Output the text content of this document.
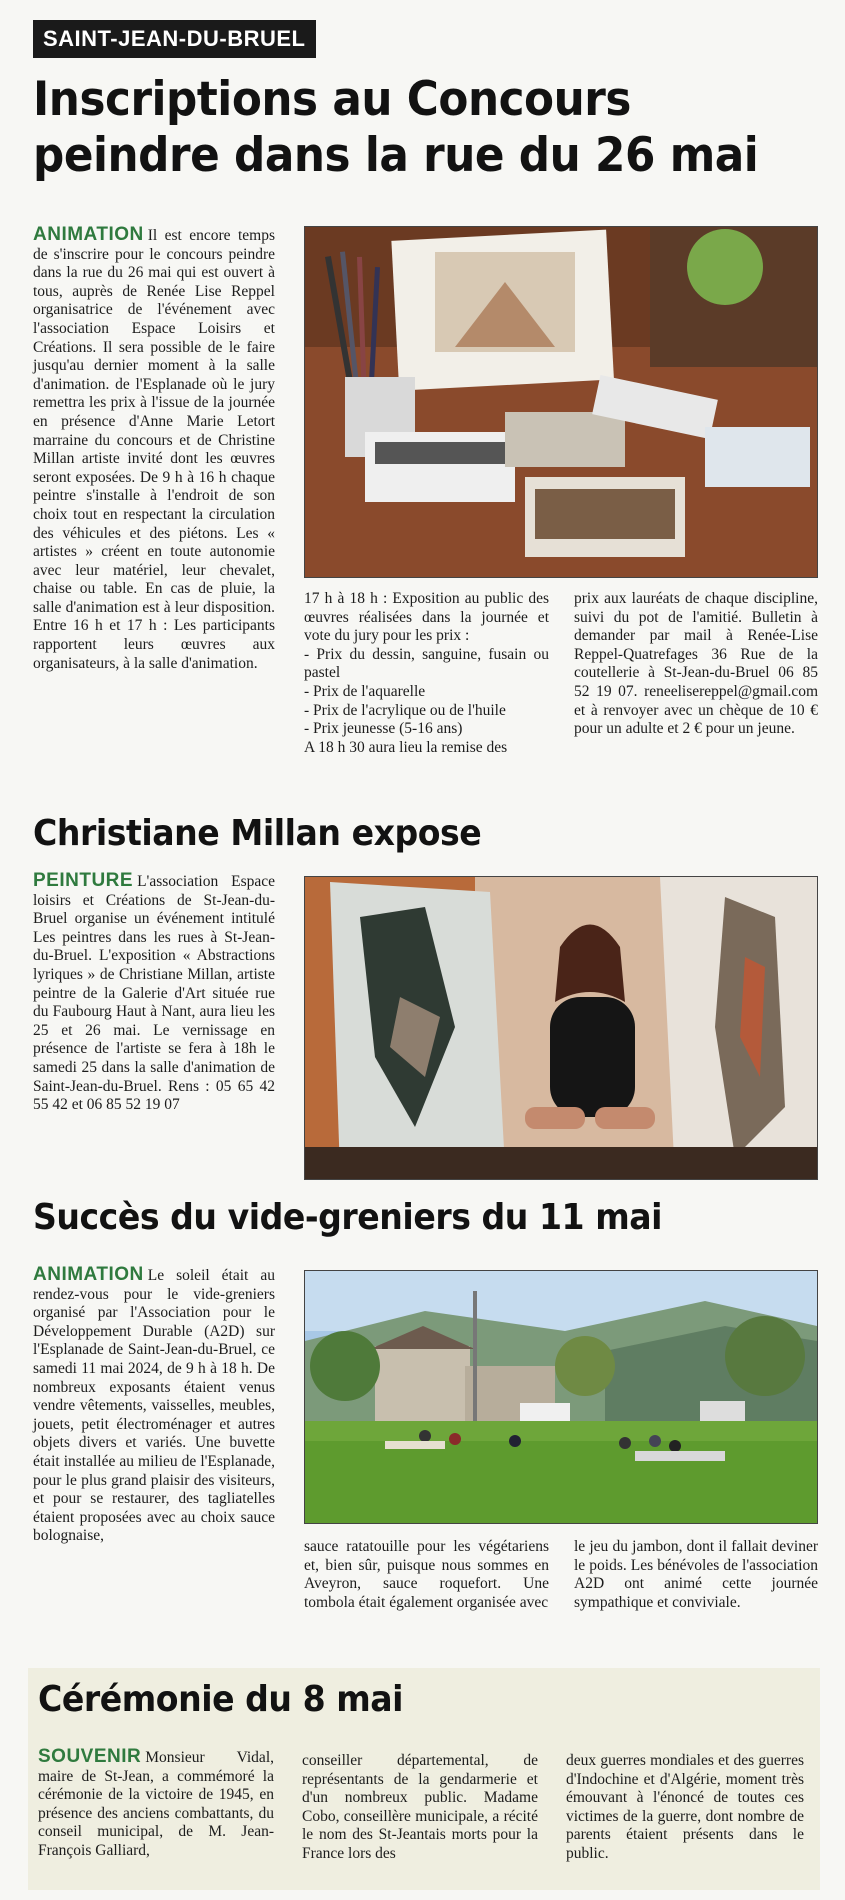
SAINT-JEAN-DU-BRUEL
Inscriptions au Concours
peindre dans la rue du 26 mai

ANIMATION Il est encore temps de s'inscrire pour le concours peindre dans la rue du 26 mai qui est ouvert à tous, auprès de Renée Lise Reppel organisatrice de l'événement avec l'association Espace Loisirs et Créations. Il sera possible de le faire jusqu'au dernier moment à la salle d'animation. de l'Esplanade où le jury remettra les prix à l'issue de la journée en présence d'Anne Marie Letort marraine du concours et de Christine Millan artiste invité dont les œuvres seront exposées. De 9 h à 16 h chaque peintre s'installe à l'endroit de son choix tout en respectant la circulation des véhicules et des piétons. Les « artistes » créent en toute autonomie avec leur matériel, leur chevalet, chaise ou table. En cas de pluie, la salle d'animation est à leur disposition. Entre 16 h et 17 h : Les participants rapportent leurs œuvres aux organisateurs, à la salle d'animation.

17 h à 18 h : Exposition au public des œuvres réalisées dans la journée et vote du jury pour les prix :
- Prix du dessin, sanguine, fusain ou pastel
- Prix de l'aquarelle
- Prix de l'acrylique ou de l'huile
- Prix jeunesse (5-16 ans)
A 18 h 30 aura lieu la remise des

prix aux lauréats de chaque discipline, suivi du pot de l'amitié. Bulletin à demander par mail à Renée-Lise Reppel-Quatrefages 36 Rue de la coutellerie à St-Jean-du-Bruel 06 85 52 19 07. reneelisereppel@gmail.com et à renvoyer avec un chèque de 10 € pour un adulte et 2 € pour un jeune.

Christiane Millan expose

PEINTURE L'association Espace loisirs et Créations de St-Jean-du-Bruel organise un événement intitulé Les peintres dans les rues à St-Jean-du-Bruel. L'exposition « Abstractions lyriques » de Christiane Millan, artiste peintre de la Galerie d'Art située rue du Faubourg Haut à Nant, aura lieu les 25 et 26 mai. Le vernissage en présence de l'artiste se fera à 18h le samedi 25 dans la salle d'animation de Saint-Jean-du-Bruel. Rens : 05 65 42 55 42 et 06 85 52 19 07

Succès du vide-greniers du 11 mai

ANIMATION Le soleil était au rendez-vous pour le vide-greniers organisé par l'Association pour le Développement Durable (A2D) sur l'Esplanade de Saint-Jean-du-Bruel, ce samedi 11 mai 2024, de 9 h à 18 h. De nombreux exposants étaient venus vendre vêtements, vaisselles, meubles, jouets, petit électroménager et autres objets divers et variés. Une buvette était installée au milieu de l'Esplanade, pour le plus grand plaisir des visiteurs, et pour se restaurer, des tagliatelles étaient proposées avec au choix sauce bolognaise,

sauce ratatouille pour les végétariens et, bien sûr, puisque nous sommes en Aveyron, sauce roquefort. Une tombola était également organisée avec

le jeu du jambon, dont il fallait deviner le poids. Les bénévoles de l'association A2D ont animé cette journée sympathique et conviviale.

Cérémonie du 8 mai

SOUVENIR Monsieur Vidal, maire de St-Jean, a commémoré la cérémonie de la victoire de 1945, en présence des anciens combattants, du conseil municipal, de M. Jean-François Galliard,

conseiller départemental, de représentants de la gendarmerie et d'un nombreux public. Madame Cobo, conseillère municipale, a récité le nom des St-Jeantais morts pour la France lors des

deux guerres mondiales et des guerres d'Indochine et d'Algérie, moment très émouvant à l'énoncé de toutes ces victimes de la guerre, dont nombre de parents étaient présents dans le public.
